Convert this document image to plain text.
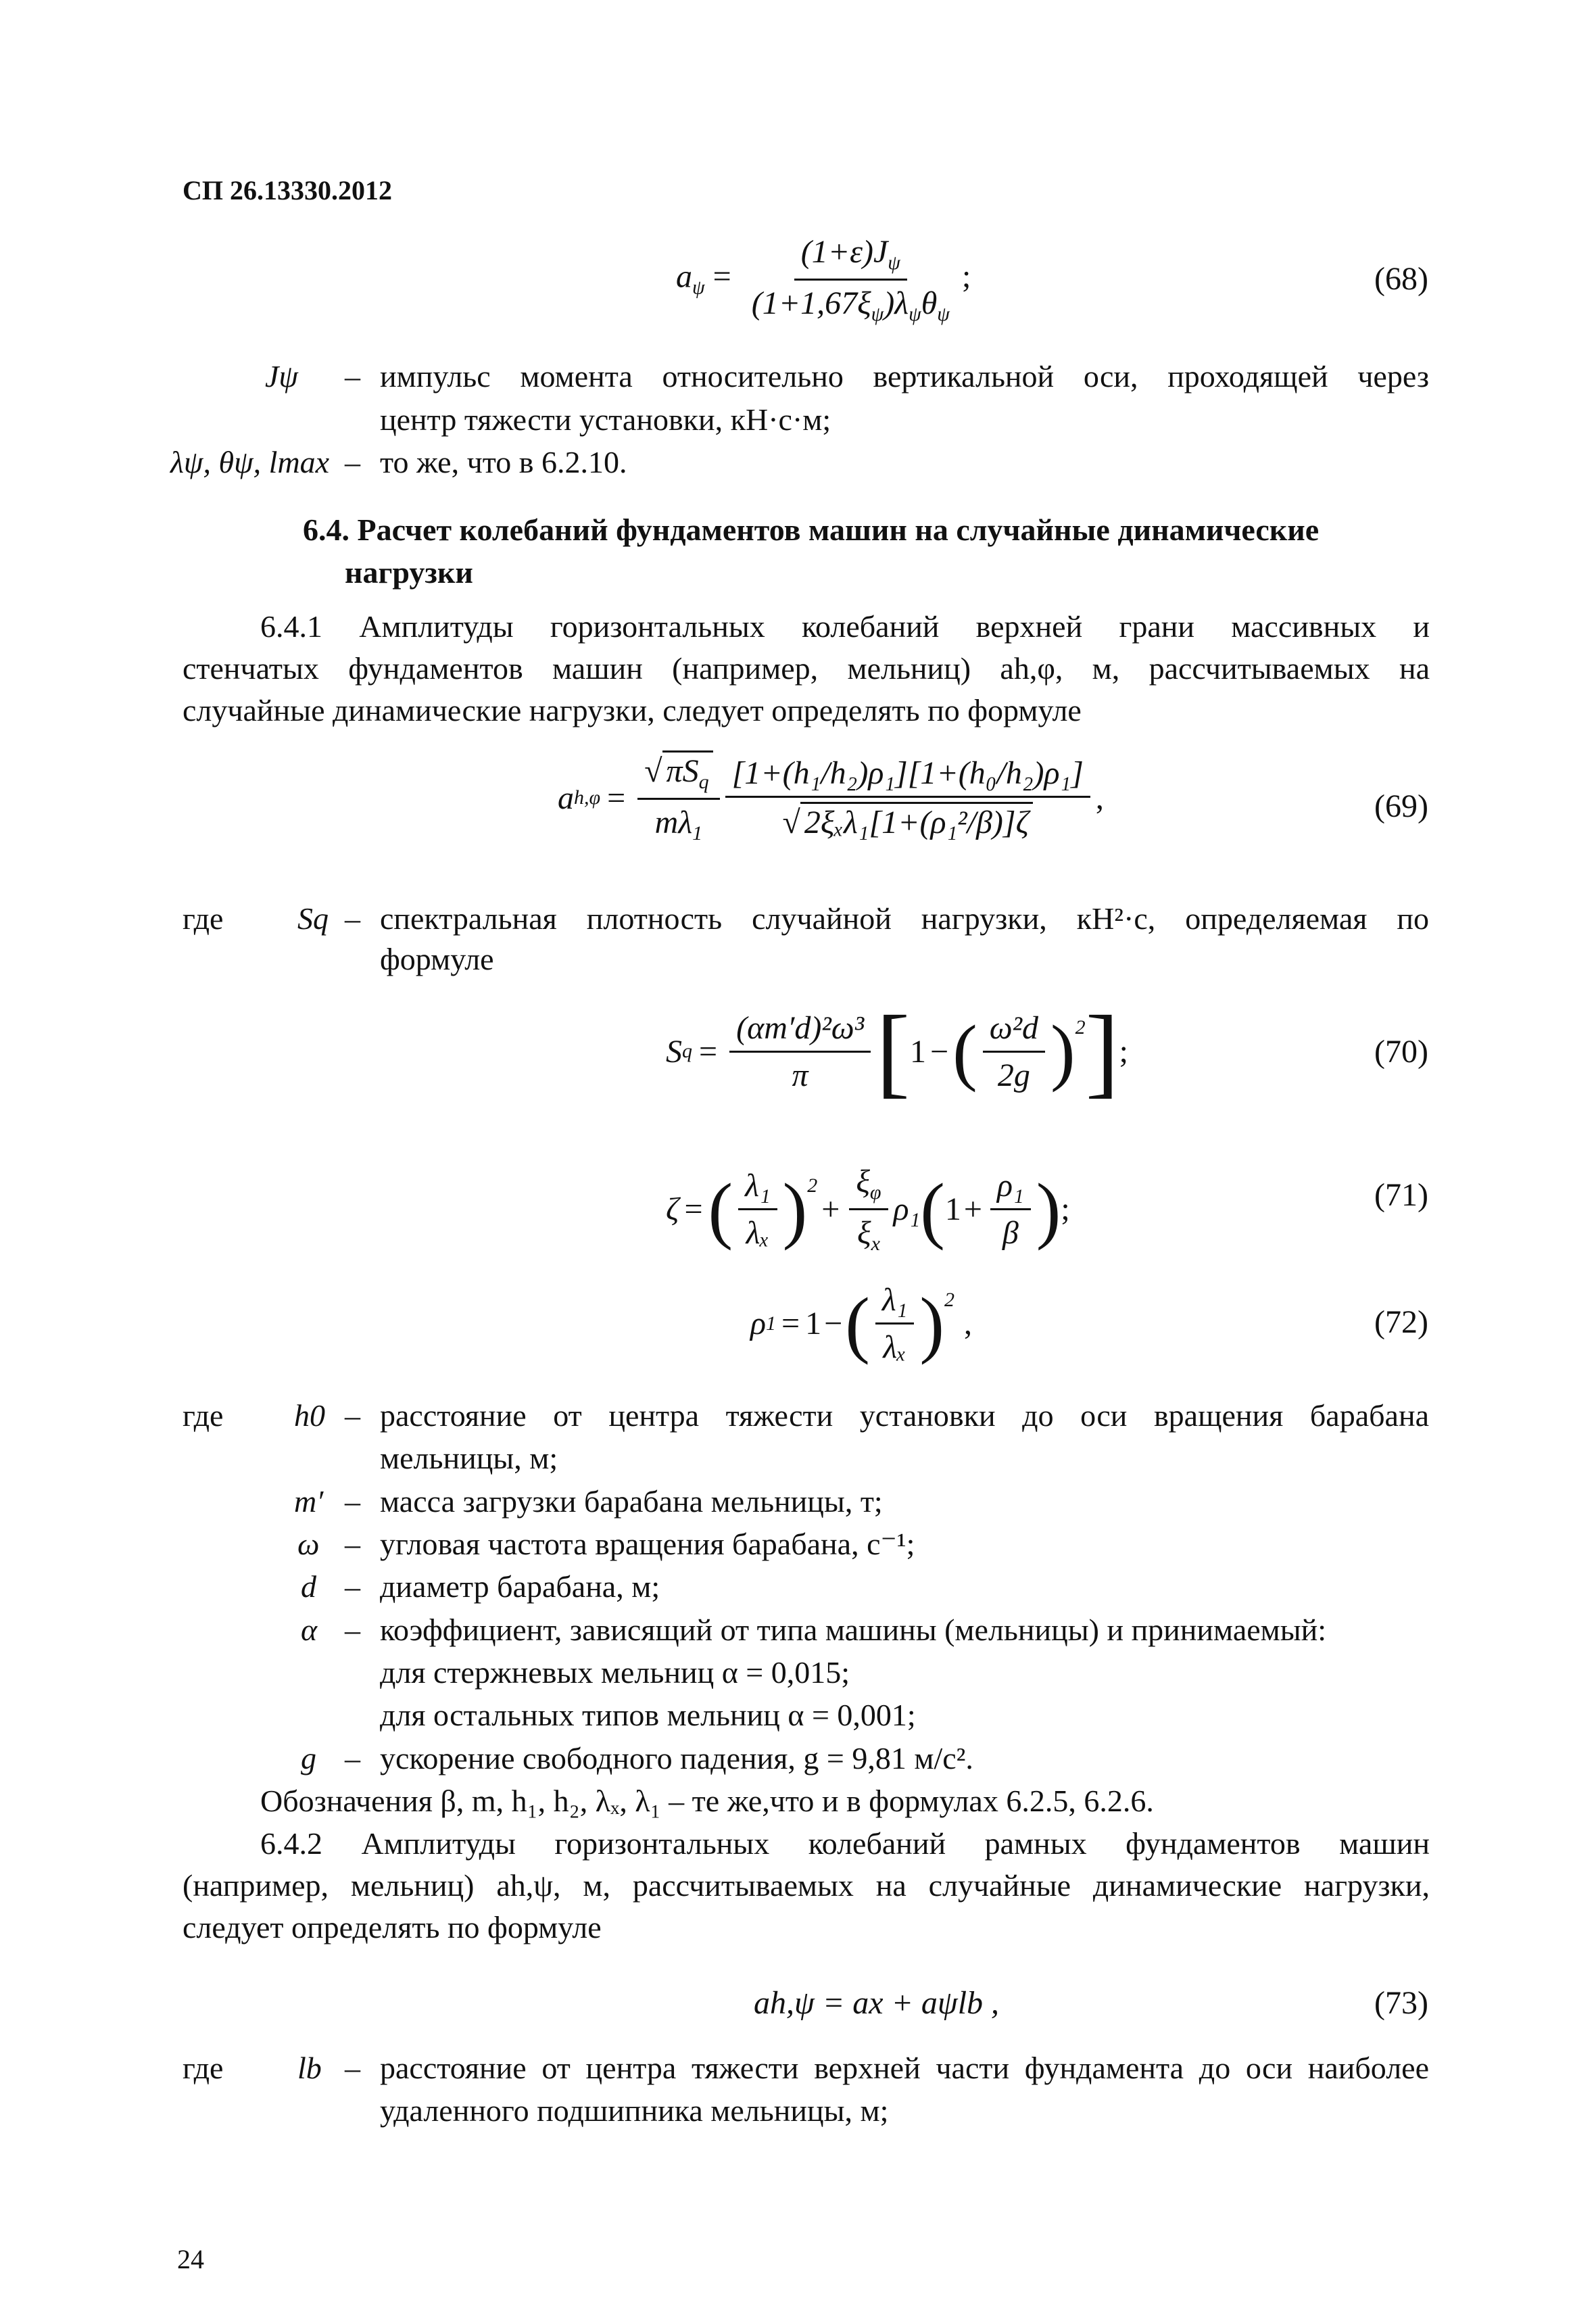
СП 26.13330.2012
$a_\psi = \frac{(1+\varepsilon)J_\psi}{(1+1,67\xi_\psi)\lambda_\psi\theta_\psi}$ ;	(68)
Jψ – импульс момента относительно вертикальной оси, проходящей через
центр тяжести установки, кН·с·м;
λψ, θψ, lmax – то же, что в 6.2.10.
6.4. Расчет колебаний фундаментов машин на случайные динамические
нагрузки
6.4.1 Амплитуды горизонтальных колебаний верхней грани массивных и
стенчатых фундаментов машин (например, мельниц) ah,φ, м, рассчитываемых на
случайные динамические нагрузки, следует определять по формуле
a $h,\varphi = \frac{√ \pi S_q}{m\lambda_1} \frac{\text{[1+(h₁/h₂)ρ₁][1+(h₀/h₂)ρ₁]}}{\text{√ 2ξₓλ₁[1+(ρ₁²/β)]ζ}}$ ,	(69)
где Sq – спектральная плотность случайной нагрузки, кН²·с, определяемая по
формуле
S $q = \frac{\text{(αm′d)²ω³}}{\pi}$ [ 1 − ( $\frac{\text{ω²d}}{2g}$ ) 2 ] ;	(70)
ζ = ( $\frac{\text{λ₁}}{\text{λₓ}}$ ) 2
+ $\frac{\xi_\varphi}{\xi_x} \rho_1$ ( $1 + \frac{\text{ρ₁}}{\beta}$ ) ;	(71)
ρ 1 = 1 − ( $\frac{\text{λ₁}}{\text{λₓ}}$ ) 2
,	(72)
где h0 – расстояние от центра тяжести установки до оси вращения барабана
мельницы, м;
m′ – масса загрузки барабана мельницы, т;
ω – угловая частота вращения барабана, с⁻¹;
d – диаметр барабана, м;
α – коэффициент, зависящий от типа машины (мельницы) и принимаемый:
для стержневых мельниц α = 0,015;
для остальных типов мельниц α = 0,001;
g – ускорение свободного падения, g = 9,81 м/с².
Обозначения β, m, h₁, h₂, λₓ, λ₁ – те же,что и в формулах 6.2.5, 6.2.6.
6.4.2 Амплитуды горизонтальных колебаний рамных фундаментов машин
(например, мельниц) ah,ψ, м, рассчитываемых на случайные динамические нагрузки,
следует определять по формуле
ah,ψ = ax + aψlb ,	(73)
где lb – расстояние от центра тяжести верхней части фундамента до оси наиболее
удаленного подшипника мельницы, м;
24
